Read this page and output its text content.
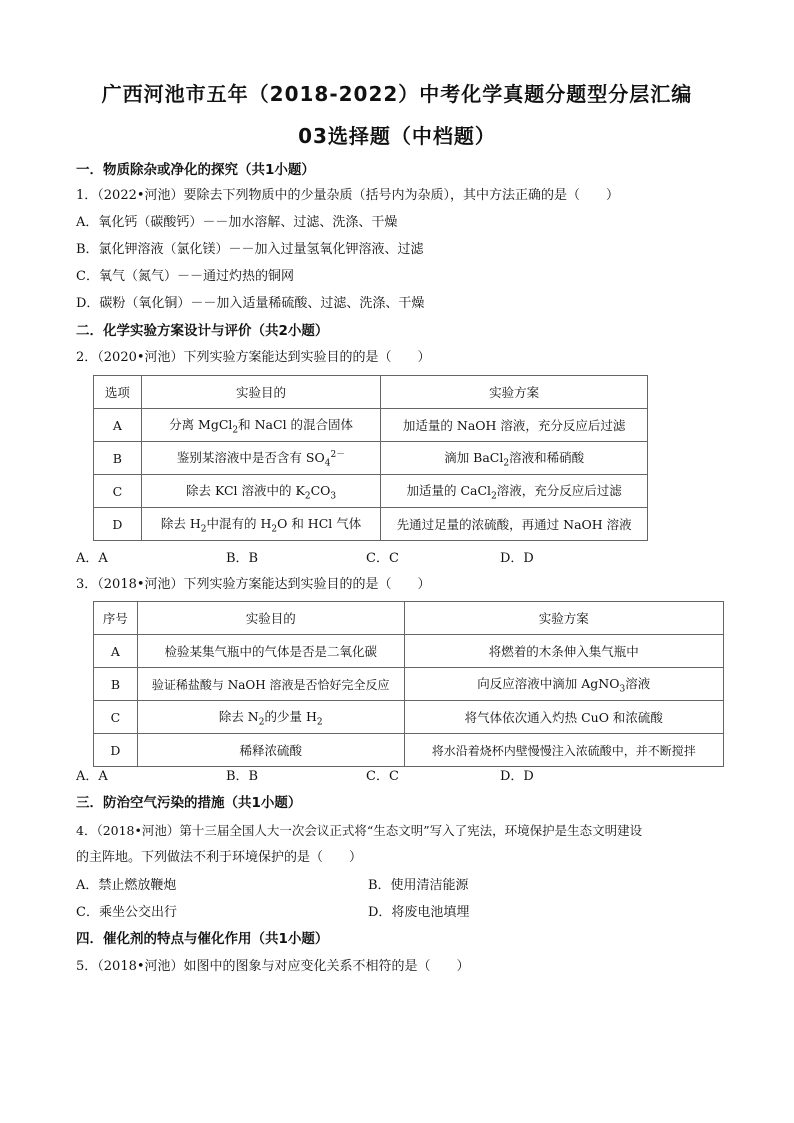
广西河池市五年（2018-2022）中考化学真题分题型分层汇编
03选择题（中档题）
一．物质除杂或净化的探究（共1小题）
1．（2022•河池）要除去下列物质中的少量杂质（括号内为杂质），其中方法正确的是（　　）
A．氧化钙（碳酸钙）－－加水溶解、过滤、洗涤、干燥
B．氯化钾溶液（氯化镁）－－加入过量氢氧化钾溶液、过滤
C．氧气（氮气）－－通过灼热的铜网
D．碳粉（氧化铜）－－加入适量稀硫酸、过滤、洗涤、干燥
二．化学实验方案设计与评价（共2小题）
2．（2020•河池）下列实验方案能达到实验目的的是（　　）
选项	实验目的	实验方案
A	分离 MgCl$_2$和 NaCl 的混合固体	加适量的 NaOH 溶液，充分反应后过滤
B	鉴别某溶液中是否含有 $SO_4^{2-}$	滴加 BaCl$_2$溶液和稀硝酸
C	除去 KCl 溶液中的 $K_2CO_3$	加适量的 CaCl$_2$溶液，充分反应后过滤
D	除去 $H_2$中混有的 $H_2O$ 和 HCl 气体	先通过足量的浓硫酸，再通过 NaOH 溶液
A．A	B．B	C．C	D．D
3．（2018•河池）下列实验方案能达到实验目的的是（　　）
序号	实验目的	实验方案
A	检验某集气瓶中的气体是否是二氧化碳	将燃着的木条伸入集气瓶中
B	验证稀盐酸与 NaOH 溶液是否恰好完全反应	向反应溶液中滴加 AgNO$_3$溶液
C	除去 $N_2$的少量 $H_2$	将气体依次通入灼热 CuO 和浓硫酸
D	稀释浓硫酸	将水沿着烧杯内壁慢慢注入浓硫酸中，并不断搅拌
A．A	B．B	C．C	D．D
三．防治空气污染的措施（共1小题）
4．（2018•河池）第十三届全国人大一次会议正式将“生态文明”写入了宪法，环境保护是生态文明建设
的主阵地。下列做法不利于环境保护的是（　　）
A．禁止燃放鞭炮	B．使用清洁能源
C．乘坐公交出行	D．将废电池填埋
四．催化剂的特点与催化作用（共1小题）
5．（2018•河池）如图中的图象与对应变化关系不相符的是（　　）
